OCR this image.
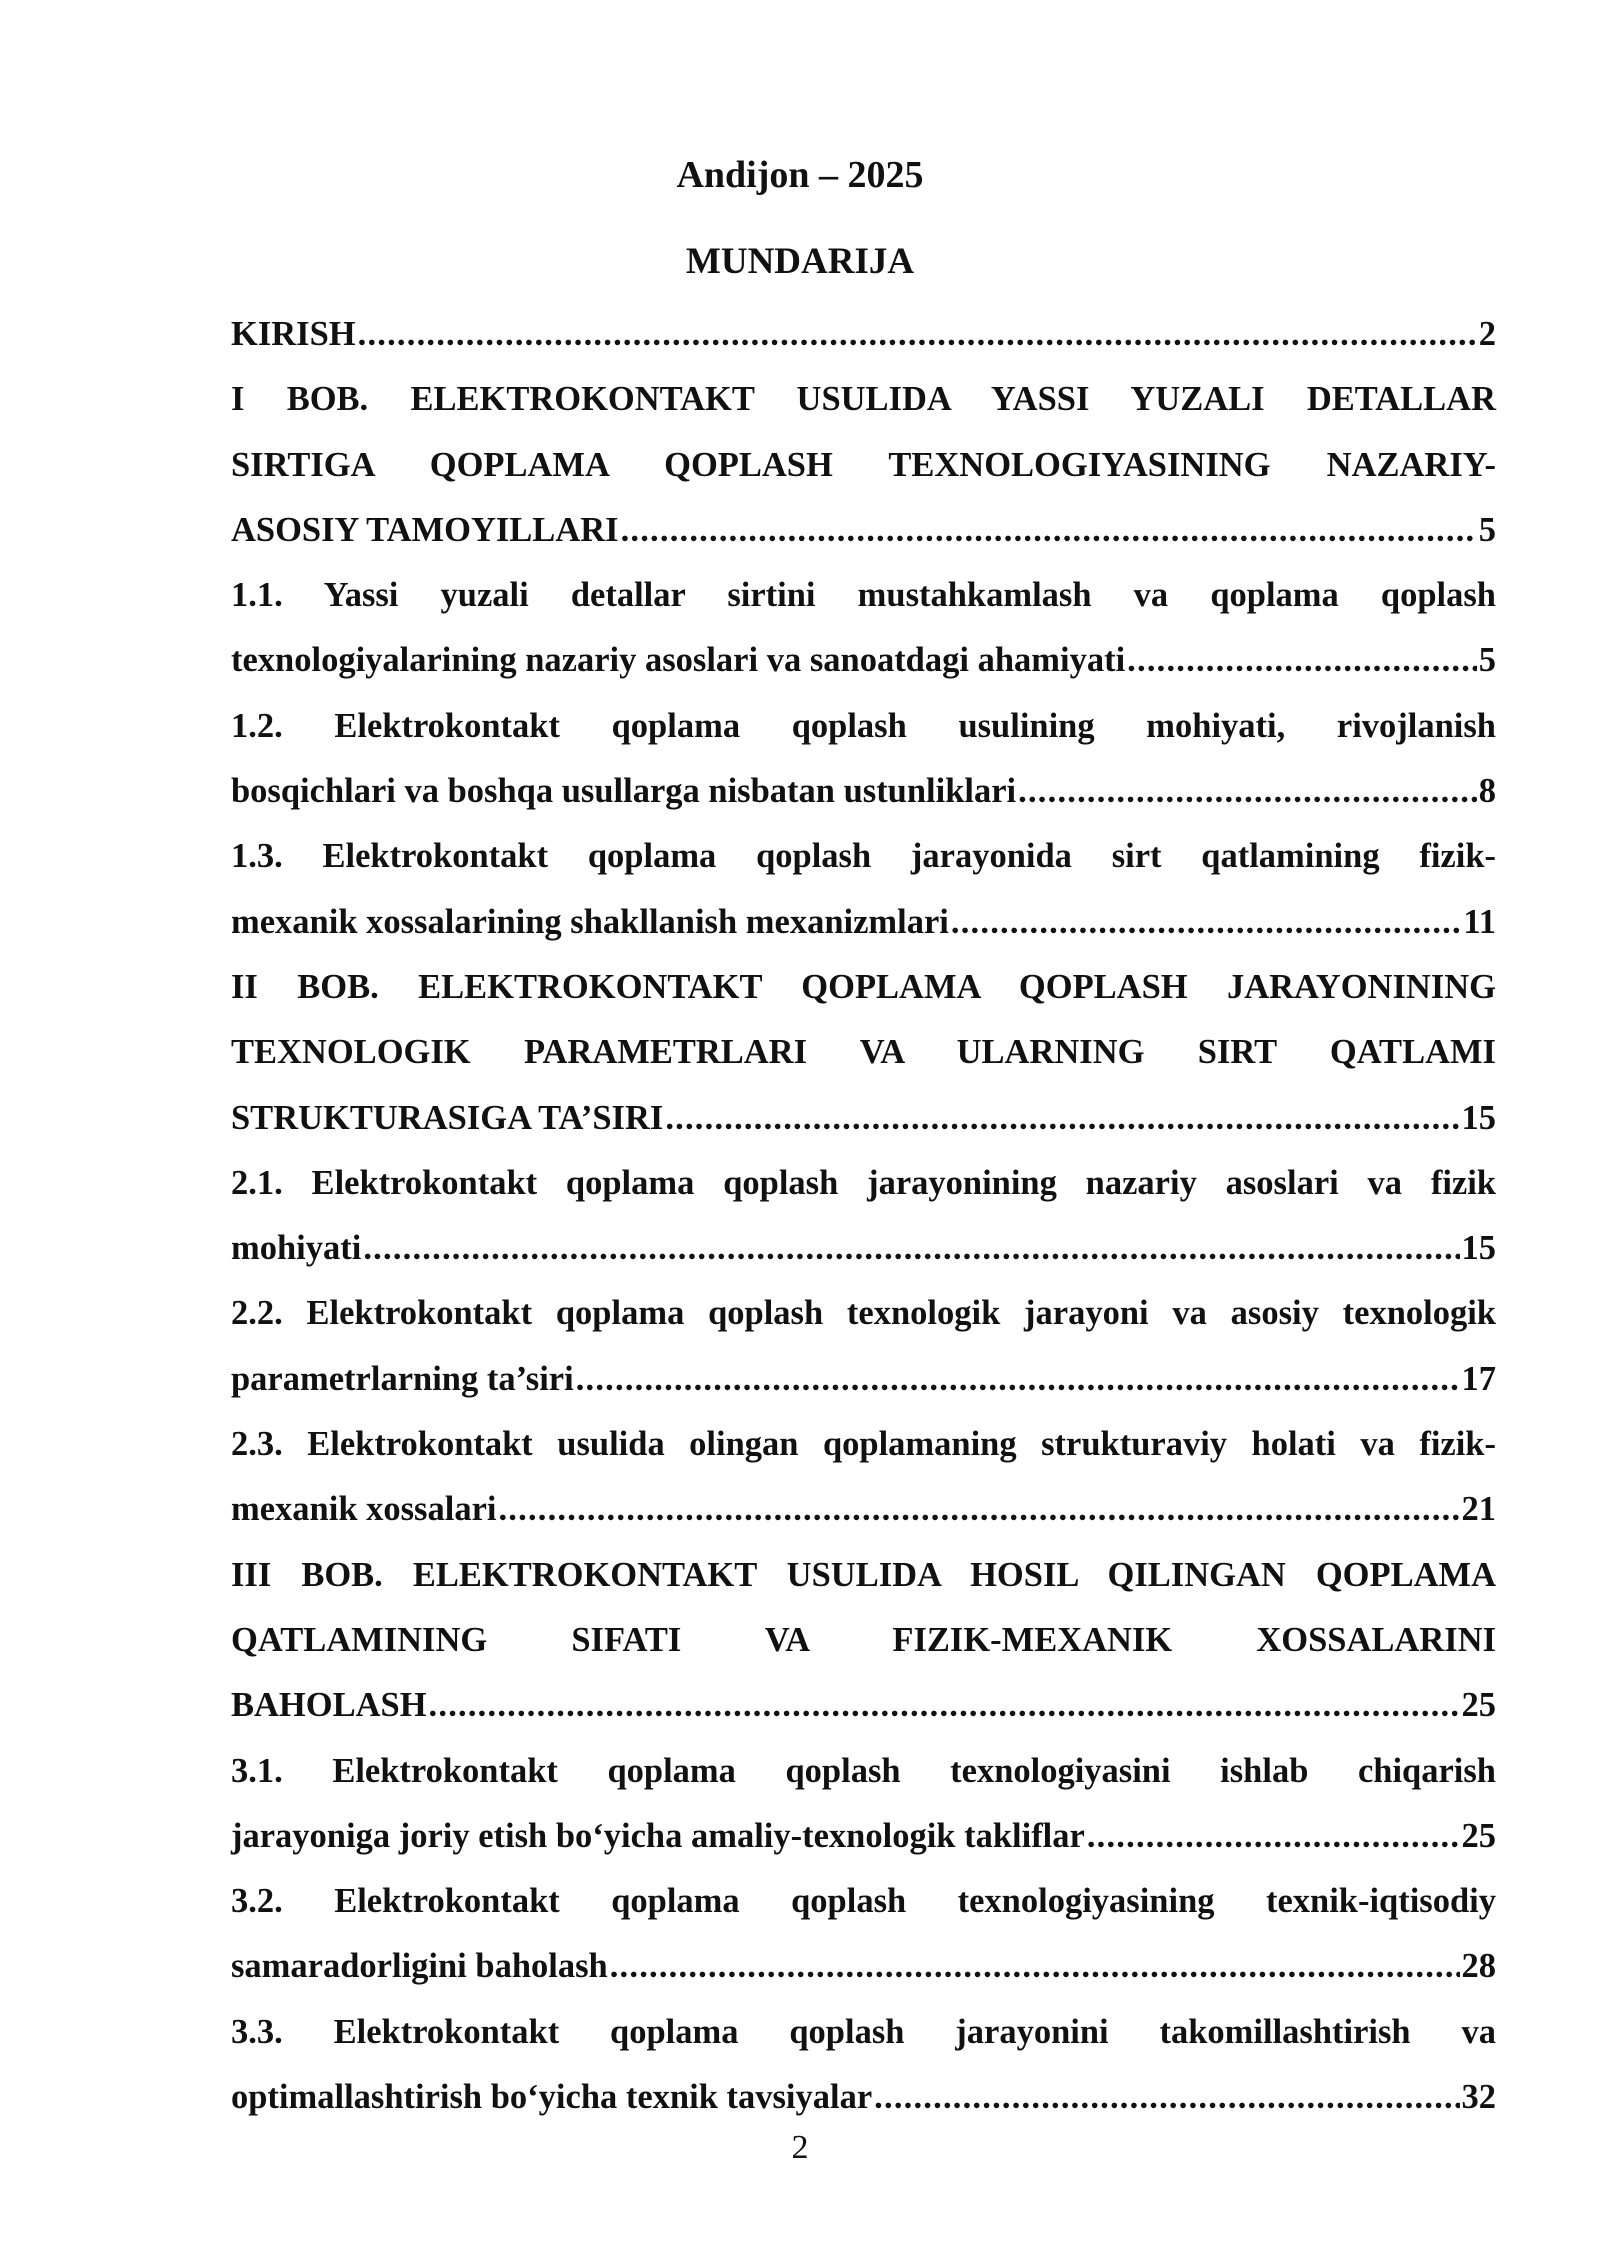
Andijon – 2025

MUNDARIJA

KIRISH .....	2
I BOB. ELEKTROKONTAKT USULIDA YASSI YUZALI DETALLAR
SIRTIGA QOPLAMA QOPLASH TEXNOLOGIYASINING NAZARIY-
ASOSIY TAMOYILLARI .....	5
1.1. Yassi yuzali detallar sirtini mustahkamlash va qoplama qoplash
texnologiyalarining nazariy asoslari va sanoatdagi ahamiyati .....	5
1.2. Elektrokontakt qoplama qoplash usulining mohiyati, rivojlanish
bosqichlari va boshqa usullarga nisbatan ustunliklari .....	8
1.3. Elektrokontakt qoplama qoplash jarayonida sirt qatlamining fizik-
mexanik xossalarining shakllanish mexanizmlari .....	11
II BOB. ELEKTROKONTAKT QOPLAMA QOPLASH JARAYONINING
TEXNOLOGIK PARAMETRLARI VA ULARNING SIRT QATLAMI
STRUKTURASIGA TA’SIRI .....	15
2.1. Elektrokontakt qoplama qoplash jarayonining nazariy asoslari va fizik
mohiyati .....	15
2.2. Elektrokontakt qoplama qoplash texnologik jarayoni va asosiy texnologik
parametrlarning ta’siri .....	17
2.3. Elektrokontakt usulida olingan qoplamaning strukturaviy holati va fizik-
mexanik xossalari .....	21
III BOB. ELEKTROKONTAKT USULIDA HOSIL QILINGAN QOPLAMA
QATLAMINING SIFATI VA FIZIK-MEXANIK XOSSALARINI
BAHOLASH .....	25
3.1. Elektrokontakt qoplama qoplash texnologiyasini ishlab chiqarish
jarayoniga joriy etish bo‘yicha amaliy-texnologik takliflar .....	25
3.2. Elektrokontakt qoplama qoplash texnologiyasining texnik-iqtisodiy
samaradorligini baholash .....	28
3.3. Elektrokontakt qoplama qoplash jarayonini takomillashtirish va
optimallashtirish bo‘yicha texnik tavsiyalar .....	32

2
